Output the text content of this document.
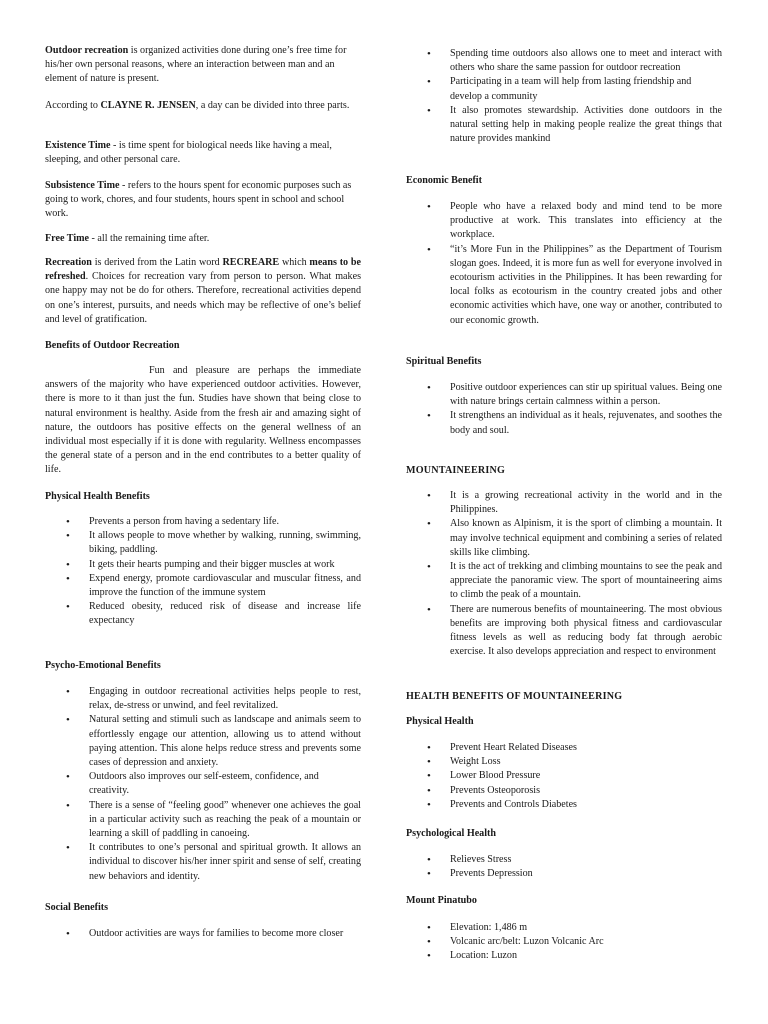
Outdoor recreation is organized activities done during one’s free time for his/her own personal reasons, where an interaction between man and an element of nature is present.

According to CLAYNE R. JENSEN, a day can be divided into three parts.

Existence Time - is time spent for biological needs like having a meal, sleeping, and other personal care.

Subsistence Time - refers to the hours spent for economic purposes such as going to work, chores, and four students, hours spent in school and school work.

Free Time - all the remaining time after.

Recreation is derived from the Latin word RECREARE which means to be refreshed. Choices for recreation vary from person to person. What makes one happy may not be do for others. Therefore, recreational activities depend on one’s interest, pursuits, and needs which may be reflective of one’s belief and level of gratification.

Benefits of Outdoor Recreation

Fun and pleasure are perhaps the immediate answers of the majority who have experienced outdoor activities. However, there is more to it than just the fun. Studies have shown that being close to natural environment is healthy. Aside from the fresh air and amazing sight of nature, the outdoors has positive effects on the general wellness of an individual most especially if it is done with regularity. Wellness encompasses the general state of a person and in the end contributes to a better quality of life.

Physical Health Benefits

• Prevents a person from having a sedentary life.
• It allows people to move whether by walking, running, swimming, biking, paddling.
• It gets their hearts pumping and their bigger muscles at work
• Expend energy, promote cardiovascular and muscular fitness, and improve the function of the immune system
• Reduced obesity, reduced risk of disease and increase life expectancy

Psycho-Emotional Benefits

• Engaging in outdoor recreational activities helps people to rest, relax, de-stress or unwind, and feel revitalized.
• Natural setting and stimuli such as landscape and animals seem to effortlessly engage our attention, allowing us to attend without paying attention. This alone helps reduce stress and prevents some cases of depression and anxiety.
• Outdoors also improves our self-esteem, confidence, and creativity.
• There is a sense of “feeling good” whenever one achieves the goal in a particular activity such as reaching the peak of a mountain or learning a skill of paddling in canoeing.
• It contributes to one’s personal and spiritual growth. It allows an individual to discover his/her inner spirit and sense of self, creating new behaviors and identity.

Social Benefits

• Outdoor activities are ways for families to become more closer
• Spending time outdoors also allows one to meet and interact with others who share the same passion for outdoor recreation
• Participating in a team will help from lasting friendship and develop a community
• It also promotes stewardship. Activities done outdoors in the natural setting help in making people realize the great things that nature provides mankind

Economic Benefit

• People who have a relaxed body and mind tend to be more productive at work. This translates into efficiency at the workplace.
• “it’s More Fun in the Philippines” as the Department of Tourism slogan goes. Indeed, it is more fun as well for everyone involved in ecotourism activities in the Philippines. It has been rewarding for local folks as ecotourism in the country created jobs and other economic activities which have, one way or another, contributed to our economic growth.

Spiritual Benefits

• Positive outdoor experiences can stir up spiritual values. Being one with nature brings certain calmness within a person.
• It strengthens an individual as it heals, rejuvenates, and soothes the body and soul.

MOUNTAINEERING

• It is a growing recreational activity in the world and in the Philippines.
• Also known as Alpinism, it is the sport of climbing a mountain. It may involve technical equipment and combining a series of related skills like climbing.
• It is the act of trekking and climbing mountains to see the peak and appreciate the panoramic view. The sport of mountaineering aims to climb the peak of a mountain.
• There are numerous benefits of mountaineering. The most obvious benefits are improving both physical fitness and cardiovascular fitness levels as well as reducing body fat through aerobic exercise. It also develops appreciation and respect to environment

HEALTH BENEFITS OF MOUNTAINEERING

Physical Health

• Prevent Heart Related Diseases
• Weight Loss
• Lower Blood Pressure
• Prevents Osteoporosis
• Prevents and Controls Diabetes

Psychological Health

• Relieves Stress
• Prevents Depression

Mount Pinatubo

• Elevation: 1,486 m
• Volcanic arc/belt: Luzon Volcanic Arc
• Location: Luzon
